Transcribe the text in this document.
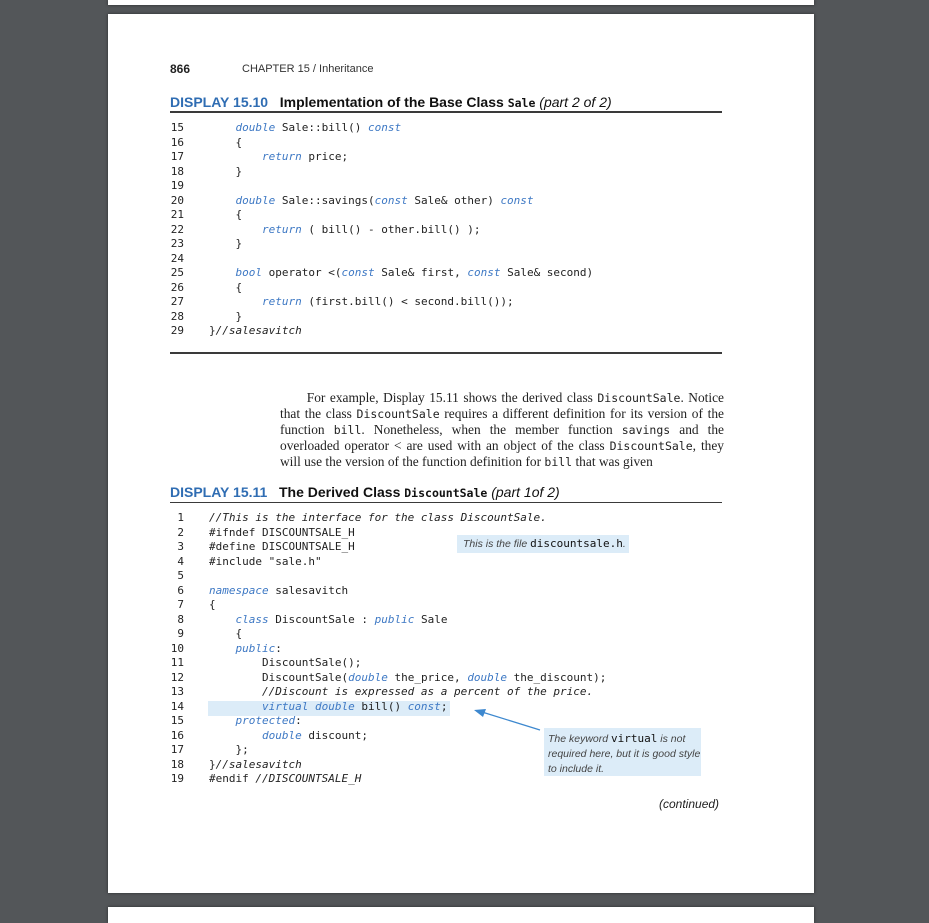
866	CHAPTER 15 / Inheritance
DISPLAY 15.10 Implementation of the Base Class Sale (part 2 of 2)
15	double Sale::bill() const
16 {
17	return price;
18 }
19
20	double Sale::savings(const Sale& other) const
21 {
22	return ( bill() - other.bill() );
23 }
24
25	bool operator <(const Sale& first, const Sale& second)
26 {
27	return (first.bill() < second.bill());
28 }
29 }//salesavitch
  For example, Display 15.11 shows the derived class DiscountSale. Notice that the class DiscountSale requires a different definition for its version of the function bill. Nonetheless, when the member function savings and the overloaded operator < are used with an object of the class DiscountSale, they will use the version of the function definition for bill that was given
DISPLAY 15.11 The Derived Class DiscountSale (part 1of 2)
This is the file discountsale.h.
1 //This is the interface for the class DiscountSale.
2 #ifndef DISCOUNTSALE_H
3 #define DISCOUNTSALE_H
4 #include "sale.h"
5
6 namespace salesavitch
7 {
8	class DiscountSale : public Sale
9 {
10	public:
11 DiscountSale();
12 DiscountSale(double the_price, double the_discount);
13	//Discount is expressed as a percent of the price.
14	virtual double bill() const;
15	protected:
16	double discount;
17 };
18 }//salesavitch
19 #endif //DISCOUNTSALE_H
The keyword virtual is not
required here, but it is good style
to include it.
(continued)
